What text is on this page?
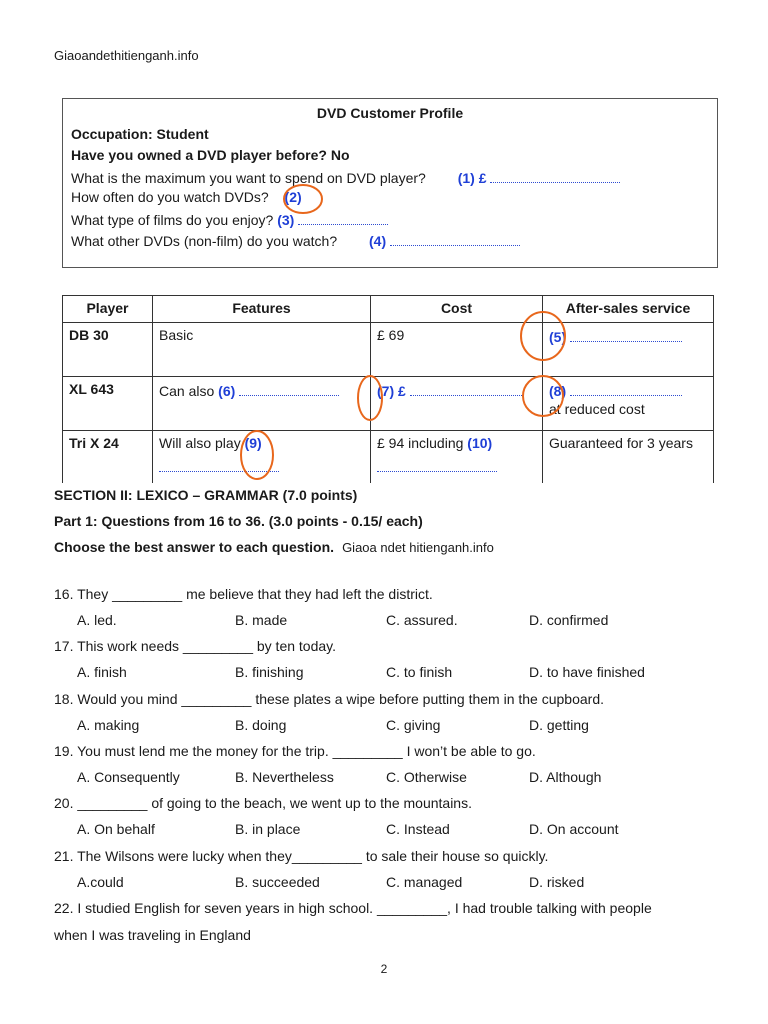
Giaoandethitienganh.info
DVD Customer Profile
Occupation: Student
Have you owned a DVD player before? No
What is the maximum you want to spend on DVD player? (1) £
How often do you watch DVDs? (2)
What type of films do you enjoy? (3)
What other DVDs (non-film) do you watch? (4)
Player	Features	Cost	After-sales service
DB 30	Basic	£ 69	(5)
XL 643	Can also (6)	(7) £	(8)
at reduced cost

Tri X 24	Will also play (9)	£ 94 including (10)	Guaranteed for 3 years
SECTION II: LEXICO – GRAMMAR (7.0 points)
Part 1: Questions from 16 to 36. (3.0 points - 0.15/ each)
Choose the best answer to each question. Giaoa ndet hitienganh.info
16. They _________ me believe that they had left the district.
A. led.	B. made	C. assured.	D. confirmed
17. This work needs _________ by ten today.
A. finish	B. finishing	C. to finish	D. to have finished
18. Would you mind _________ these plates a wipe before putting them in the cupboard.
A. making	B. doing	C. giving	D. getting
19. You must lend me the money for the trip. _________ I won’t be able to go.
A. Consequently	B. Nevertheless	C. Otherwise	D. Although
20. _________ of going to the beach, we went up to the mountains.
A. On behalf	B. in place	C. Instead	D. On account
21. The Wilsons were lucky when they_________ to sale their house so quickly.
A.could	B. succeeded	C. managed	D. risked
22. I studied English for seven years in high school. _________, I had trouble talking with people
when I was traveling in England
2
